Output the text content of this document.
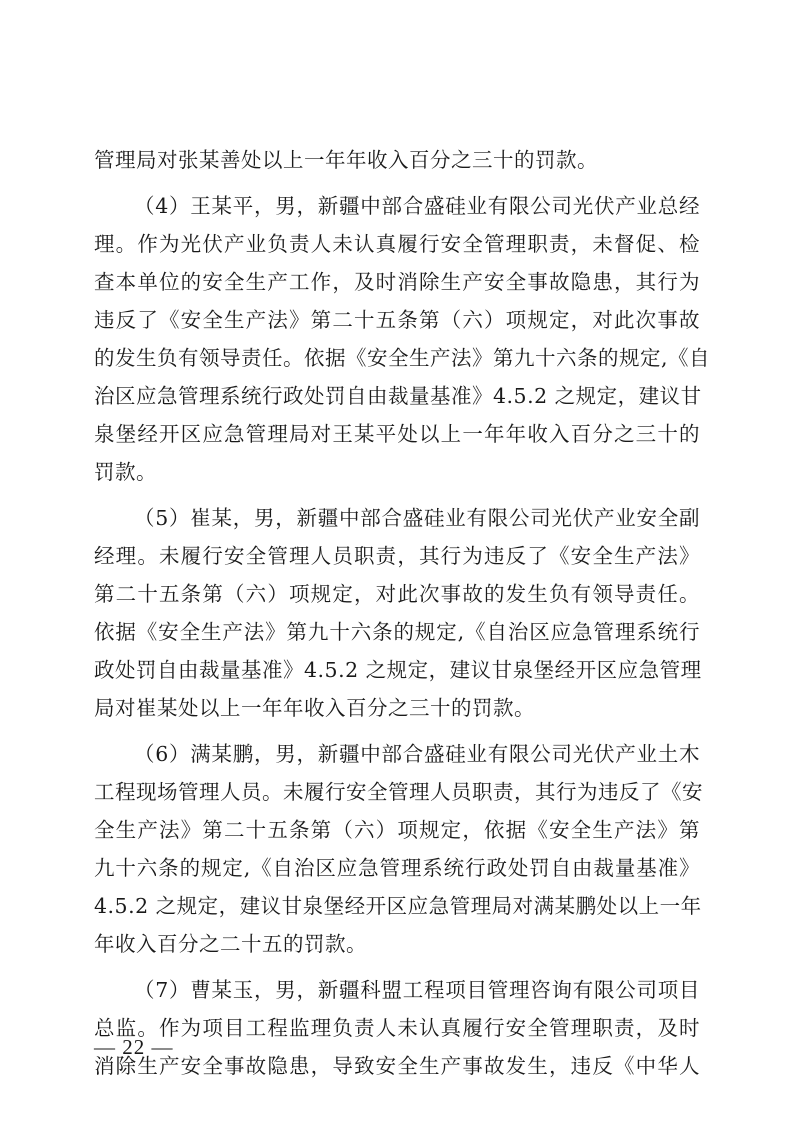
管理局对张某善处以上一年年收入百分之三十的罚款。
（4）王某平，男，新疆中部合盛硅业有限公司光伏产业总经
理。作为光伏产业负责人未认真履行安全管理职责，未督促、检
查本单位的安全生产工作，及时消除生产安全事故隐患，其行为
违反了《安全生产法》第二十五条第（六）项规定，对此次事故
的发生负有领导责任。依据《安全生产法》第九十六条的规定,《自
治区应急管理系统行政处罚自由裁量基准》4.5.2 之规定，建议甘
泉堡经开区应急管理局对王某平处以上一年年收入百分之三十的
罚款。
（5）崔某，男，新疆中部合盛硅业有限公司光伏产业安全副
经理。未履行安全管理人员职责，其行为违反了《安全生产法》
第二十五条第（六）项规定，对此次事故的发生负有领导责任。
依据《安全生产法》第九十六条的规定,《自治区应急管理系统行
政处罚自由裁量基准》4.5.2 之规定，建议甘泉堡经开区应急管理
局对崔某处以上一年年收入百分之三十的罚款。
（6）满某鹏，男，新疆中部合盛硅业有限公司光伏产业土木
工程现场管理人员。未履行安全管理人员职责，其行为违反了《安
全生产法》第二十五条第（六）项规定，依据《安全生产法》第
九十六条的规定,《自治区应急管理系统行政处罚自由裁量基准》
4.5.2 之规定，建议甘泉堡经开区应急管理局对满某鹏处以上一年
年收入百分之二十五的罚款。
（7）曹某玉，男，新疆科盟工程项目管理咨询有限公司项目
总监。作为项目工程监理负责人未认真履行安全管理职责，及时
消除生产安全事故隐患，导致安全生产事故发生，违反《中华人
— 22 —
